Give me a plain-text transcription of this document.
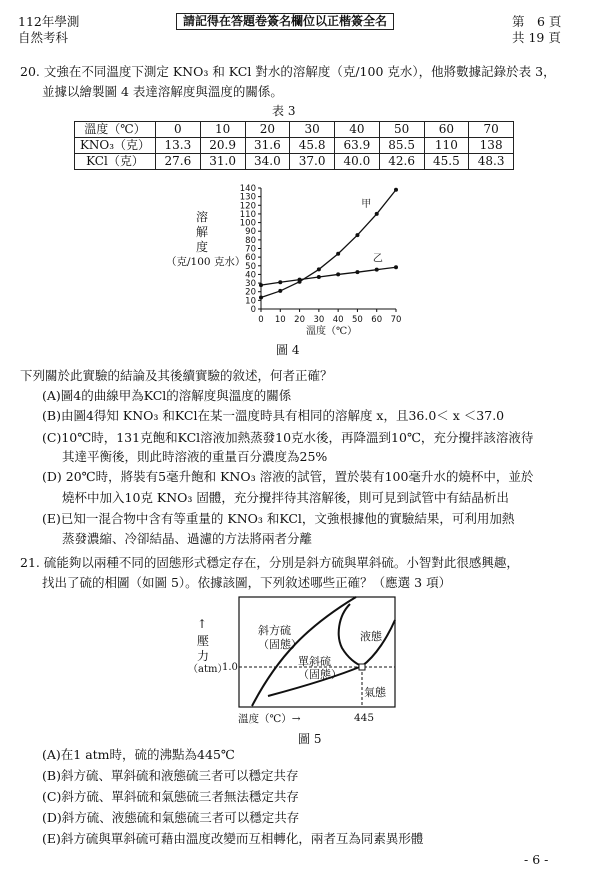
112年學測
自然考科
請記得在答題卷簽名欄位以正楷簽全名	第　6 頁
共 19 頁
20. 文強在不同溫度下測定 KNO₃ 和 KCl 對水的溶解度（克/100 克水），他將數據記錄於表 3，
並據以繪製圖 4 表達溶解度與溫度的關係。
表 3
溫度（℃）	0	10	20	30	40	50	60	70
KNO₃（克）	13.3	20.9	31.6	45.8	63.9	85.5	110	138
KCl（克）	27.6	31.0	34.0	37.0	40.0	42.6	45.5	48.3
溶
解
度
（克/100 克水）
0
10
20
30
40
50
60
70
80
90
100
110
120
130
140
0 10 20 30 40 50 60 70
甲
乙
溫度（℃）
圖 4
下列關於此實驗的結論及其後續實驗的敘述，何者正確？
(A)圖4的曲線甲為KCl的溶解度與溫度的關係
(B)由圖4得知 KNO₃ 和KCl在某一溫度時具有相同的溶解度 x，且36.0＜ x ＜37.0
(C)10℃時，131克飽和KCl溶液加熱蒸發10克水後，再降溫到10℃，充分攪拌該溶液待
其達平衡後，則此時溶液的重量百分濃度為25%
(D) 20℃時，將裝有5毫升飽和 KNO₃ 溶液的試管，置於裝有100毫升水的燒杯中，並於
燒杯中加入10克 KNO₃ 固體，充分攪拌待其溶解後，則可見到試管中有結晶析出
(E)已知一混合物中含有等重量的 KNO₃ 和KCl，文強根據他的實驗結果，可利用加熱
蒸發濃縮、冷卻結晶、過濾的方法將兩者分離
21. 硫能夠以兩種不同的固態形式穩定存在，分別是斜方硫與單斜硫。小智對此很感興趣，
找出了硫的相圖（如圖 5）。依據該圖，下列敘述哪些正確？（應選 3 項）
↑
壓
力
（atm）
1.0
斜方硫
（固態）
單斜硫
（固態）
液態
氣態
溫度（℃）→	445
圖 5
(A)在1 atm時，硫的沸點為445℃
(B)斜方硫、單斜硫和液態硫三者可以穩定共存
(C)斜方硫、單斜硫和氣態硫三者無法穩定共存
(D)斜方硫、液態硫和氣態硫三者可以穩定共存
(E)斜方硫與單斜硫可藉由溫度改變而互相轉化，兩者互為同素異形體
- 6 -
